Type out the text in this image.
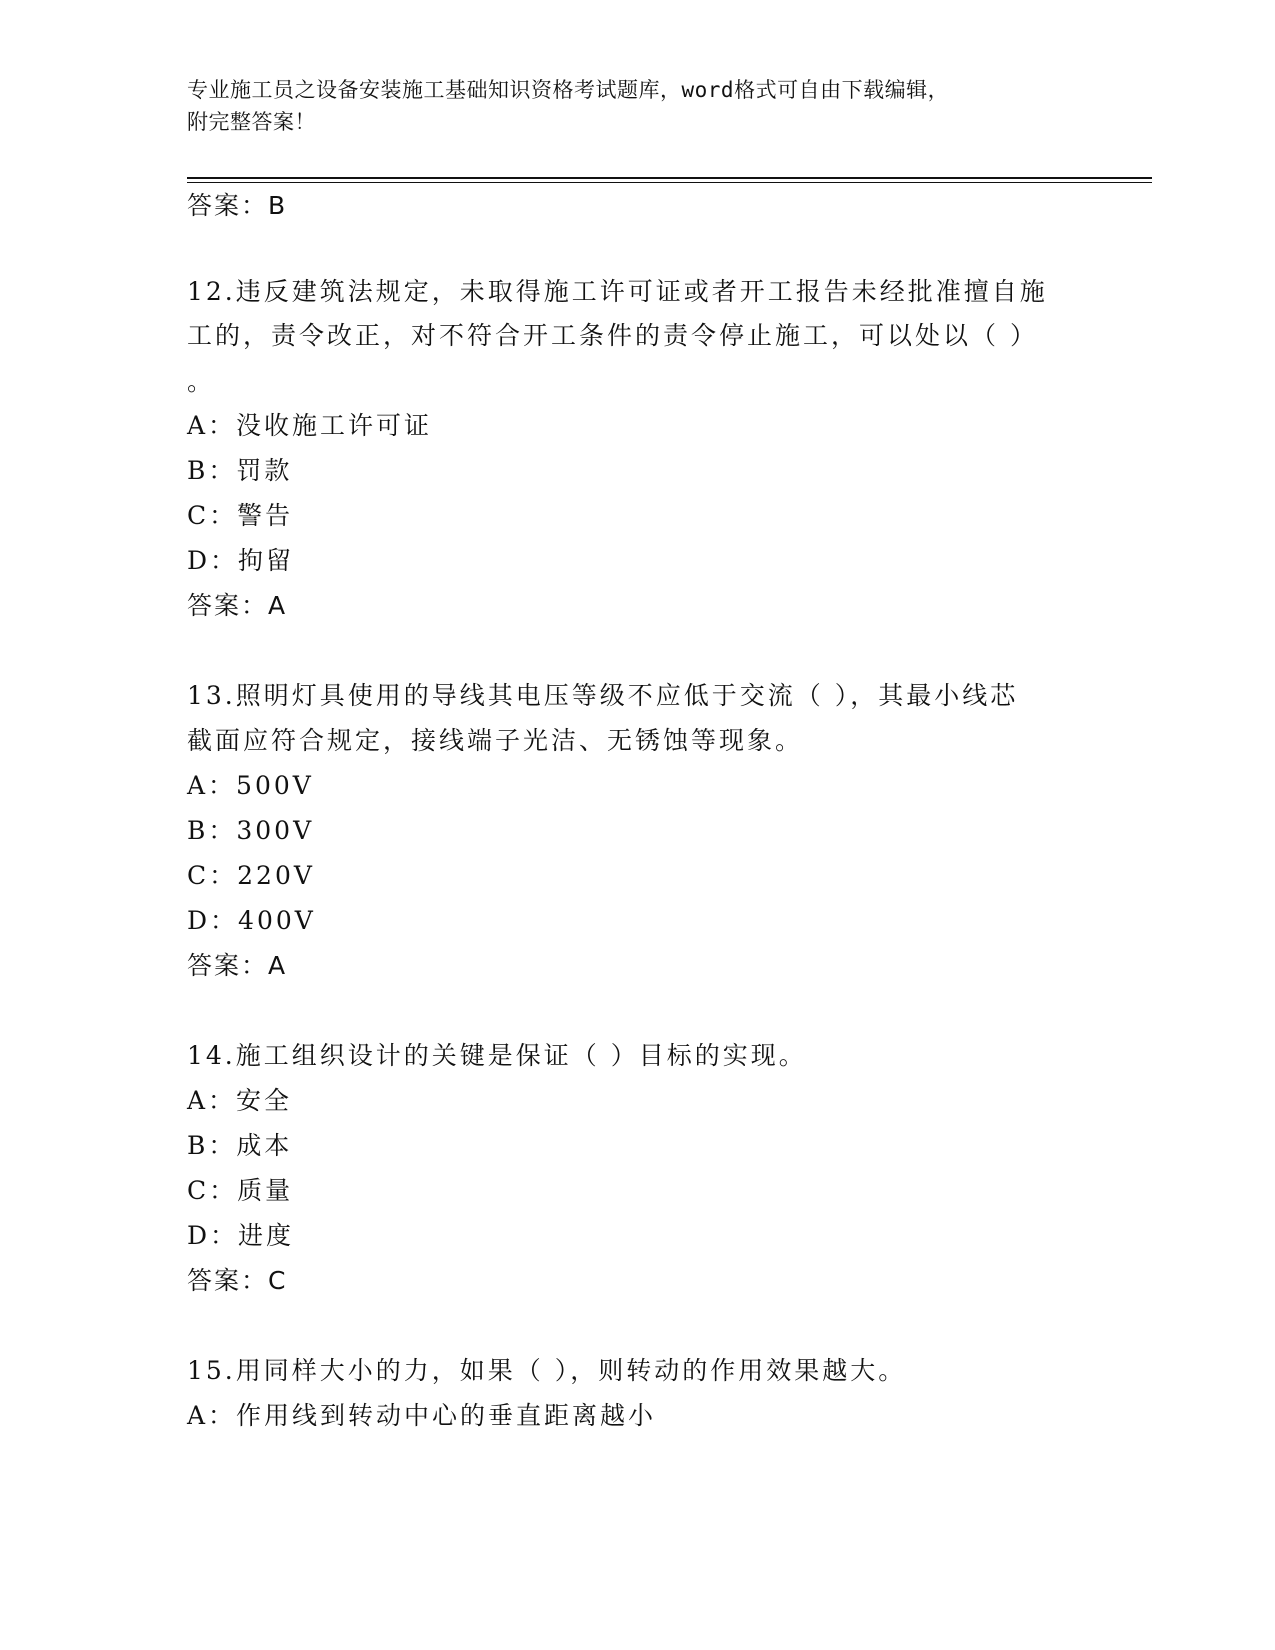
专业施工员之设备安装施工基础知识资格考试题库，word格式可自由下载编辑，
附完整答案！
答案：B
12.违反建筑法规定，未取得施工许可证或者开工报告未经批准擅自施
工的，责令改正，对不符合开工条件的责令停止施工，可以处以（ ）
。
A：没收施工许可证
B：罚款
C：警告
D：拘留
答案：A
13.照明灯具使用的导线其电压等级不应低于交流（ ），其最小线芯
截面应符合规定，接线端子光洁、无锈蚀等现象。
A：500V
B：300V
C：220V
D：400V
答案：A
14.施工组织设计的关键是保证（ ）目标的实现。
A：安全
B：成本
C：质量
D：进度
答案：C
15.用同样大小的力，如果（ ），则转动的作用效果越大。
A：作用线到转动中心的垂直距离越小
